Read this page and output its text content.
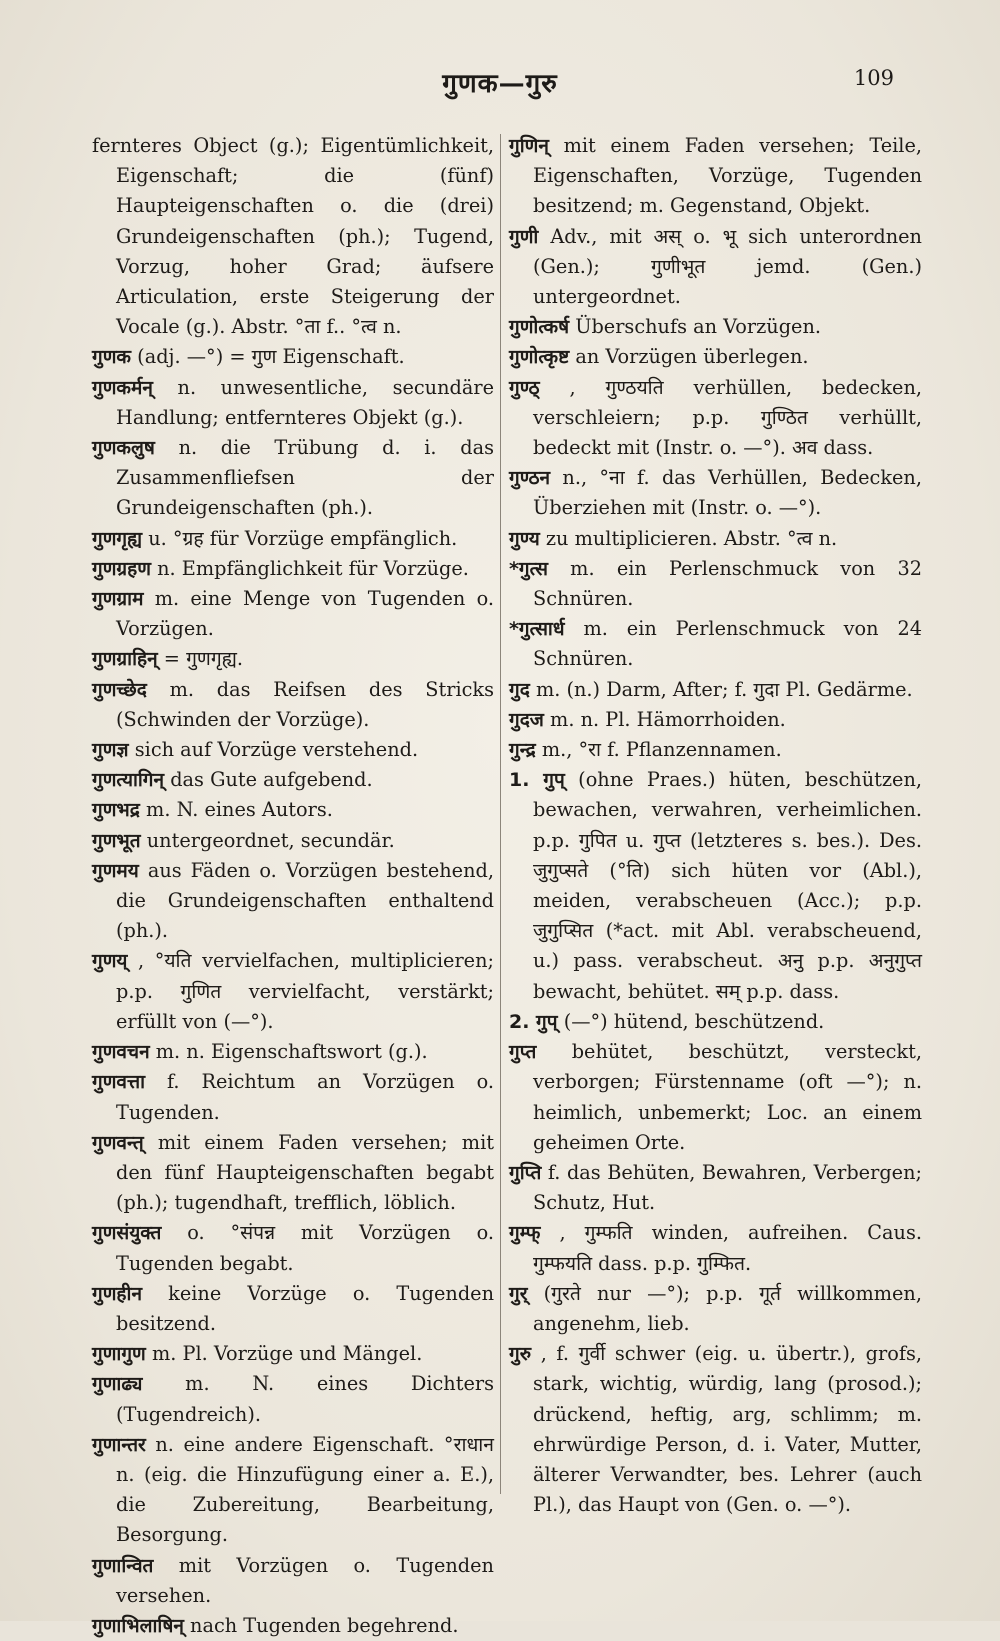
गुणक—गुरु	109

fernteres Object (g.); Eigentümlichkeit, Eigenschaft; die (fünf) Haupteigenschaften o. die (drei) Grundeigenschaften (ph.); Tugend, Vorzug, hoher Grad; äufsere Articulation, erste Steigerung der Vocale (g.). Abstr. °ता f.. °त्व n.

गुणक (adj. —°) = गुण Eigenschaft.

गुणकर्मन् n. unwesentliche, secundäre Handlung; entfernteres Objekt (g.).

गुणकलुष n. die Trübung d. i. das Zusammenfliefsen der Grundeigenschaften (ph.).

गुणगृह्य u. °ग्रह für Vorzüge empfänglich.

गुणग्रहण n. Empfänglichkeit für Vorzüge.

गुणग्राम m. eine Menge von Tugenden o. Vorzügen.

गुणग्राहिन् = गुणगृह्य.

गुणच्छेद m. das Reifsen des Stricks (Schwinden der Vorzüge).

गुणज्ञ sich auf Vorzüge verstehend.

गुणत्यागिन् das Gute aufgebend.

गुणभद्र m. N. eines Autors.

गुणभूत untergeordnet, secundär.

गुणमय aus Fäden o. Vorzügen bestehend, die Grundeigenschaften enthaltend (ph.).

गुणय् , °यति vervielfachen, multiplicieren; p.p. गुणित vervielfacht, verstärkt; erfüllt von (—°).

गुणवचन m. n. Eigenschaftswort (g.).

गुणवत्ता f. Reichtum an Vorzügen o. Tugenden.

गुणवन्त् mit einem Faden versehen; mit den fünf Haupteigenschaften begabt (ph.); tugendhaft, trefflich, löblich.

गुणसंयुक्त o. °संपन्न mit Vorzügen o. Tugenden begabt.

गुणहीन keine Vorzüge o. Tugenden besitzend.

गुणागुण m. Pl. Vorzüge und Mängel.

गुणाढ्य m. N. eines Dichters (Tugendreich).

गुणान्तर n. eine andere Eigenschaft. °राधान n. (eig. die Hinzufügung einer a. E.), die Zubereitung, Bearbeitung, Besorgung.

गुणान्वित mit Vorzügen o. Tugenden versehen.

गुणाभिलाषिन् nach Tugenden begehrend.

गुणिन् mit einem Faden versehen; Teile, Eigenschaften, Vorzüge, Tugenden besitzend; m. Gegenstand, Objekt.

गुणी Adv., mit अस् o. भू sich unterordnen (Gen.); गुणीभूत jemd. (Gen.) untergeordnet.

गुणोत्कर्ष Überschufs an Vorzügen.

गुणोत्कृष्ट an Vorzügen überlegen.

गुण्ठ् , गुण्ठयति verhüllen, bedecken, verschleiern; p.p. गुण्ठित verhüllt, bedeckt mit (Instr. o. —°). अव dass.

गुण्ठन n., °ना f. das Verhüllen, Bedecken, Überziehen mit (Instr. o. —°).

गुण्य zu multiplicieren. Abstr. °त्व n.

*गुत्स m. ein Perlenschmuck von 32 Schnüren.

*गुत्सार्ध m. ein Perlenschmuck von 24 Schnüren.

गुद m. (n.) Darm, After; f. गुदा Pl. Gedärme.

गुदज m. n. Pl. Hämorrhoiden.

गुन्द्र m., °रा f. Pflanzennamen.

1. गुप् (ohne Praes.) hüten, beschützen, bewachen, verwahren, verheimlichen. p.p. गुपित u. गुप्त (letzteres s. bes.). Des. जुगुप्सते (°ति) sich hüten vor (Abl.), meiden, verabscheuen (Acc.); p.p. जुगुप्सित (*act. mit Abl. verabscheuend, u.) pass. verabscheut. अनु p.p. अनुगुप्त bewacht, behütet. सम् p.p. dass.

2. गुप् (—°) hütend, beschützend.

गुप्त behütet, beschützt, versteckt, verborgen; Fürstenname (oft —°); n. heimlich, unbemerkt; Loc. an einem geheimen Orte.

गुप्ति f. das Behüten, Bewahren, Verbergen; Schutz, Hut.

गुम्फ् , गुम्फति winden, aufreihen. Caus. गुम्फयति dass. p.p. गुम्फित.

गुर् (गुरते nur —°); p.p. गूर्त willkommen, angenehm, lieb.

गुरु , f. गुर्वी schwer (eig. u. übertr.), grofs, stark, wichtig, würdig, lang (prosod.); drückend, heftig, arg, schlimm; m. ehrwürdige Person, d. i. Vater, Mutter, älterer Verwandter, bes. Lehrer (auch Pl.), das Haupt von (Gen. o. —°).
